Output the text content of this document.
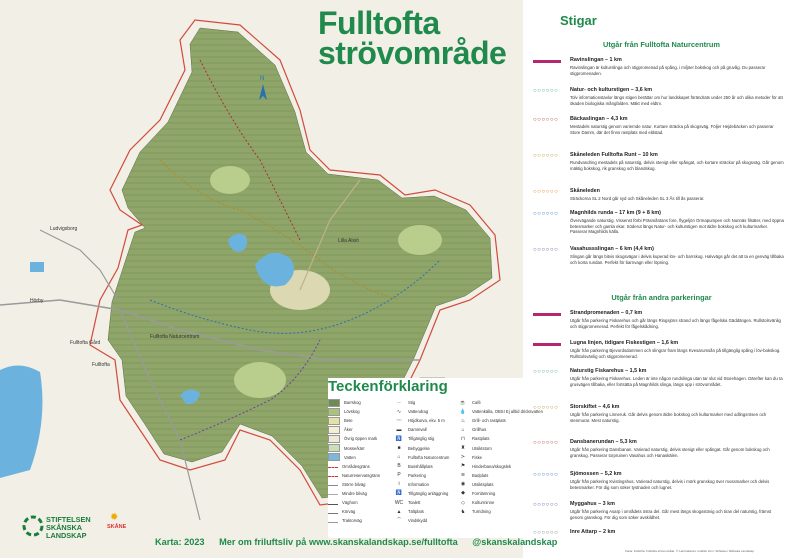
N
Ludvigsborg
Hörby
Fulltofta Gård
Fulltofta
Fulltofta Naturcentrum
Lilla Alsiö
Fulltofta
strövområde
Teckenförklaring
Barrskog
Lövskog
Bete
Åker
Övrig öppen mark
Mosse/kärr
Vatten
Områdesgräns
Naturreservatsgräns
Större bilväg
Mindre bilväg
Väghom
Körväg
Traktorväg
┈	Stig
∿	Vattendrag
〰	Höjdkurva, ekv. 5 m
▬	Dammvall
♿	Tillgänglig stig
■	Bebyggelse
⌂	Fulltofta Naturcentrum
B	Busshållplats
P	Parkering
i	Information
♿	Tillgänglig anläggning
WC Toalett
▲	Tältplats
⌒	Vindskydd
☕	Café
💧	Vattenkälla, OBS! Ej alltid dricksvatten
♨	Grill- och rastplats
⌂	Grillhus
⊓	Rastplats
♜	Utsiktstorn
≻	Fiske
⚑	Hinderbana/skogslek
≋	Badplats
◉	Utsiktsplats
◆	Fornlämning
◇	Kulturminne
♞	Turridning
STIFTELSEN
SKÅNSKA
LANDSKAP
✹
SKÅNE
Karta: 2023 Mer om friluftsliv på www.skanskalandskap.se/fulltofta @skanskalandskap
Stigar
Utgår från Fulltofta Naturcentrum
Ravinslingan – 1 km
Ravinslingan är kulturslinga och stigpromenad på spång, i miljöer bokskog och på gruvåg. Du passerar stigpromenaden.
○○○○○○ Natur- och kulturstigen – 3,6 km
Tolv informationstavlor längs stigen berättar om hur landskapet förändrats under 250 år och olika metoder för att ökaden biologiska mångfalden. Mäkt med eldtrv.
○○○○○○ Bäckaslingan – 4,3 km
Mestadels naturstig genom variernde natur. Kortare sträcka på skogsväg. Följer Hejdebäcken och passerar Store Damm, där det finns rastplats med eldstad.
○○○○○○ Skåneleden Fulltofta Runt – 10 km
Rundvandring mestadels på naturstig, delvis stenigt eller spångat, och kortare sträckor på skogsväg. Går genom mäktig bokskog, rik granskog och blandskog.
○○○○○○ Skåneleden
Sträckorna SL 2 Nord går syd och Skåneleden SL 3 Ås till ås passerar.
○○○○○○ Magnhilds runda – 17 km (9 + 8 km)
Övervägande naturstig. Vissenst förbi Präsmåntans fore, flygeljön Ormapumpen och Nunnäs filsäter, med öppna betesmarker och gamla ekar. Söderut längs Natur- och kulturstigen mot äldre bokskog och kulturmarker. Passerar Magnhilds källa.
○○○○○○ Vasahussslingan – 6 km (4,4 km)
Slingan går längs bitvis skogsvägar i delvis kuperad löv- och barrskog. Halvvägs går det att ta en genväg tillbaka och korta rundan. Perfekt för barnvagn eller löpning.
Utgår från andra parkeringar
Strandpromenaden – 0,7 km
Utgår från parkering Fiskarehus och går längs Ringsjöns strand och längs fågelska Gäddängen. Rullstolsvänlig och stigpromenerad. Perfekt för fågelskådning.
Lugna linjen, tidigare Fiskestigen – 1,6 km
Utgår från parkering Bjevordsdammen och slingrar fram längs Kvesarumsån på tillgänglig spång i löv-bokskog. Rullstolsvänlig och stigpromenerad.
○○○○○○ Naturstig Fiskarehus – 1,5 km
Utgår från parkering Fiskarehus. Leden är inte någon rundslinga utan tar slut vid Storehagen. Därefter kan du ta grusvägen tillbaka, eller fortsätta på Magnhilds slinga, längs upp i strövområdet.
○○○○○○ Storskiftet – 4,6 km
Utgår från parkering Linneruk. Går delvis genom äldre bokskog och kulturmarker med odlingsrösen och stenmurar. Mest naturstig.
○○○○○○ Dansbanerundan – 5,3 km
Utgår från parkering Dansbanan. Varierad naturstig, delvis stenigt eller spångat. Går genom bokskog och granskog. Passerar torpruinen Vasahus och Hanaskälen.
○○○○○○ Sjömossen – 5,2 km
Utgår från parkering Kvistingshus. Varierad naturstig, delvis i mörk granskog över mossmarker och delvis betesmarker. För dig som söker tystnaden och lugnet.
○○○○○○ Myggahus – 3 km
Utgår från parkering Asarp i områdets östra del. Går mest längs skogsstövig och tiran del naturstig, främst genom granskog. För dig som söker avskildhet.
○○○○○○ Inre Attarp – 2 km
Karta: Fulltofta, Fulltofta strövområde, © Lantmäteriet. Grafisk form: Stiftelsen Skånska Landskap
